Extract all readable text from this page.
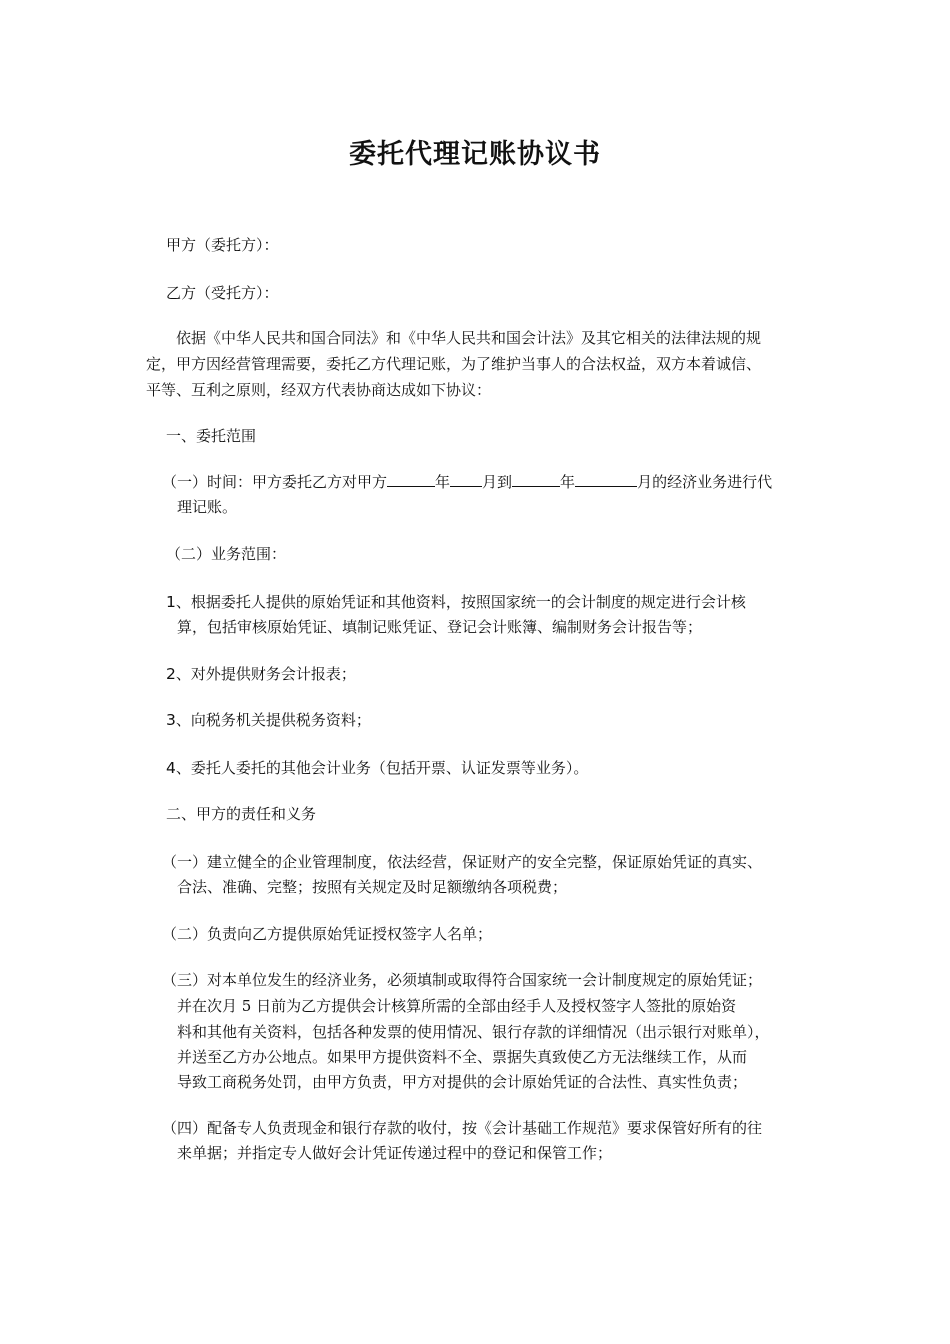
委托代理记账协议书
甲方（委托方）：
乙方（受托方）：
依据《中华人民共和国合同法》和《中华人民共和国会计法》及其它相关的法律法规的规
定，甲方因经营管理需要，委托乙方代理记账，为了维护当事人的合法权益，双方本着诚信、
平等、互利之原则，经双方代表协商达成如下协议：
一、委托范围
（一）时间：甲方委托乙方对甲方	年 月到	年	月的经济业务进行代
理记账。
（二）业务范围：
1、根据委托人提供的原始凭证和其他资料，按照国家统一的会计制度的规定进行会计核
算，包括审核原始凭证、填制记账凭证、登记会计账簿、编制财务会计报告等；
2、对外提供财务会计报表；
3、向税务机关提供税务资料；
4、委托人委托的其他会计业务（包括开票、认证发票等业务）。
二、甲方的责任和义务
（一）建立健全的企业管理制度，依法经营，保证财产的安全完整，保证原始凭证的真实、
合法、准确、完整；按照有关规定及时足额缴纳各项税费；
（二）负责向乙方提供原始凭证授权签字人名单；
（三）对本单位发生的经济业务，必须填制或取得符合国家统一会计制度规定的原始凭证；
并在次月 5 日前为乙方提供会计核算所需的全部由经手人及授权签字人签批的原始资
料和其他有关资料，包括各种发票的使用情况、银行存款的详细情况（出示银行对账单），
并送至乙方办公地点。如果甲方提供资料不全、票据失真致使乙方无法继续工作，从而
导致工商税务处罚，由甲方负责，甲方对提供的会计原始凭证的合法性、真实性负责；
（四）配备专人负责现金和银行存款的收付，按《会计基础工作规范》要求保管好所有的往
来单据；并指定专人做好会计凭证传递过程中的登记和保管工作；
